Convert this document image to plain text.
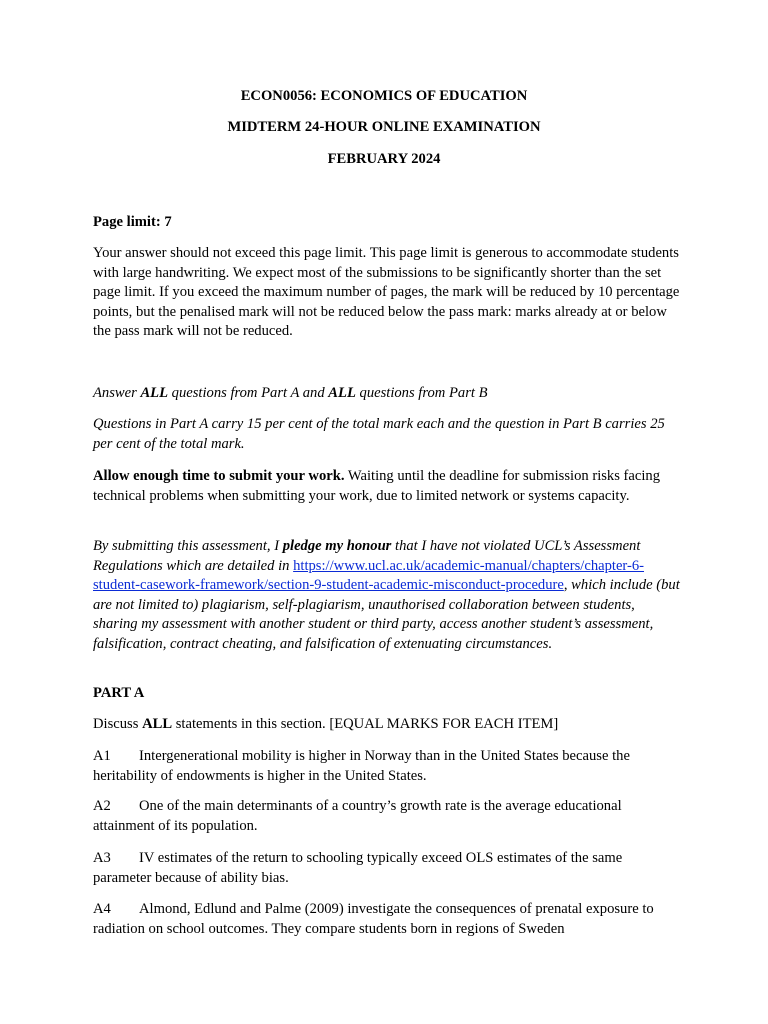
ECON0056: ECONOMICS OF EDUCATION
MIDTERM 24-HOUR ONLINE EXAMINATION
FEBRUARY 2024

Page limit: 7

Your answer should not exceed this page limit. This page limit is generous to accommodate students with large handwriting. We expect most of the submissions to be significantly shorter than the set page limit. If you exceed the maximum number of pages, the mark will be reduced by 10 percentage points, but the penalised mark will not be reduced below the pass mark: marks already at or below the pass mark will not be reduced.

Answer ALL questions from Part A and ALL questions from Part B

Questions in Part A carry 15 per cent of the total mark each and the question in Part B carries 25 per cent of the total mark.

Allow enough time to submit your work. Waiting until the deadline for submission risks facing technical problems when submitting your work, due to limited network or systems capacity.

By submitting this assessment, I pledge my honour that I have not violated UCL’s Assessment Regulations which are detailed in https://www.ucl.ac.uk/academic-manual/chapters/chapter-6-student-casework-framework/section-9-student-academic-misconduct-procedure, which include (but are not limited to) plagiarism, self-plagiarism, unauthorised collaboration between students, sharing my assessment with another student or third party, access another student’s assessment, falsification, contract cheating, and falsification of extenuating circumstances.

PART A

Discuss ALL statements in this section. [EQUAL MARKS FOR EACH ITEM]

A1 Intergenerational mobility is higher in Norway than in the United States because the heritability of endowments is higher in the United States.

A2 One of the main determinants of a country’s growth rate is the average educational attainment of its population.

A3 IV estimates of the return to schooling typically exceed OLS estimates of the same parameter because of ability bias.

A4 Almond, Edlund and Palme (2009) investigate the consequences of prenatal exposure to radiation on school outcomes. They compare students born in regions of Sweden
